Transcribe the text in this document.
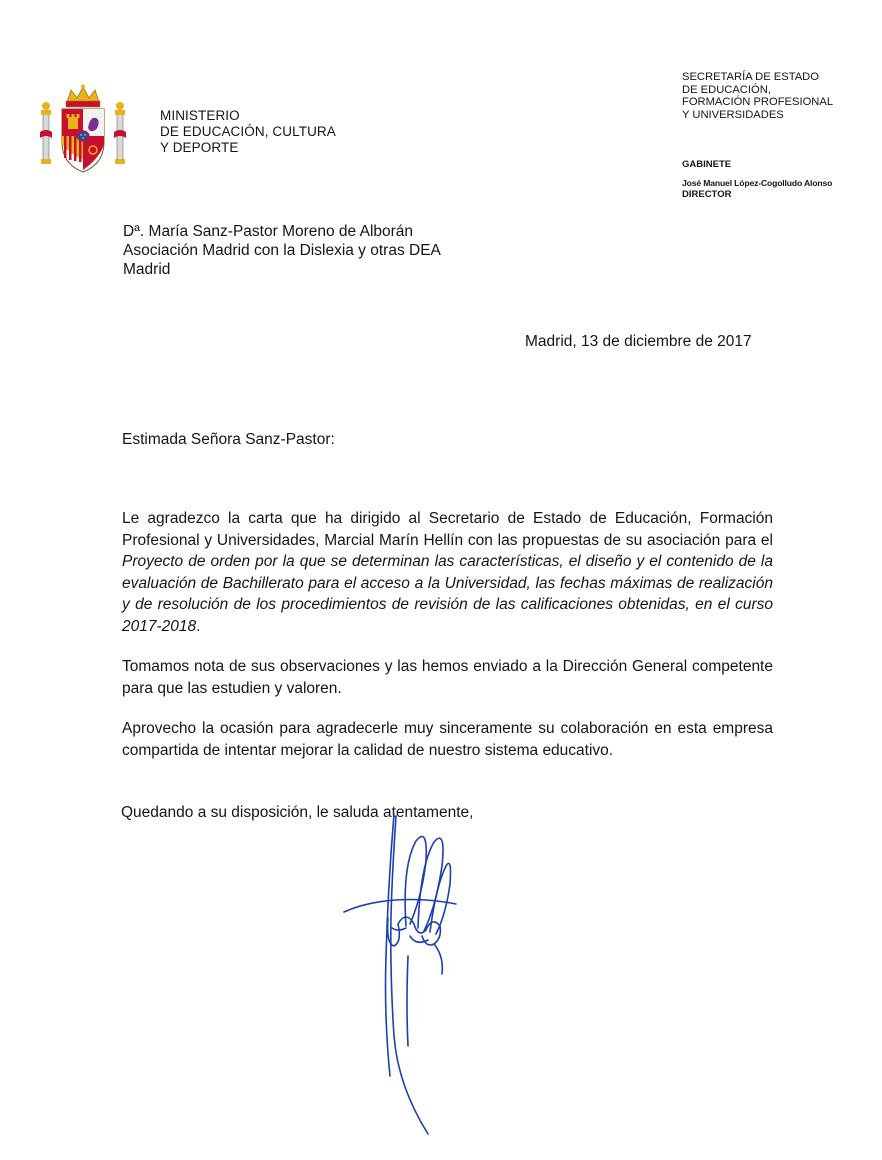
MINISTERIO
DE EDUCACIÓN, CULTURA
Y DEPORTE
SECRETARÍA DE ESTADO
DE EDUCACIÓN,
FORMACIÓN PROFESIONAL
Y UNIVERSIDADES
GABINETE
José Manuel López-Cogolludo Alonso
DIRECTOR
Dª. María Sanz-Pastor Moreno de Alborán
Asociación Madrid con la Dislexia y otras DEA
Madrid
Madrid, 13 de diciembre de 2017
Estimada Señora Sanz-Pastor:

Le agradezco la carta que ha dirigido al Secretario de Estado de Educación, Formación Profesional y Universidades, Marcial Marín Hellín con las propuestas de su asociación para el Proyecto de orden por la que se determinan las características, el diseño y el contenido de la evaluación de Bachillerato para el acceso a la Universidad, las fechas máximas de realización y de resolución de los procedimientos de revisión de las calificaciones obtenidas, en el curso 2017-2018.

Tomamos nota de sus observaciones y las hemos enviado a la Dirección General competente para que las estudien y valoren.

Aprovecho la ocasión para agradecerle muy sinceramente su colaboración en esta empresa compartida de intentar mejorar la calidad de nuestro sistema educativo.

Quedando a su disposición, le saluda atentamente,
